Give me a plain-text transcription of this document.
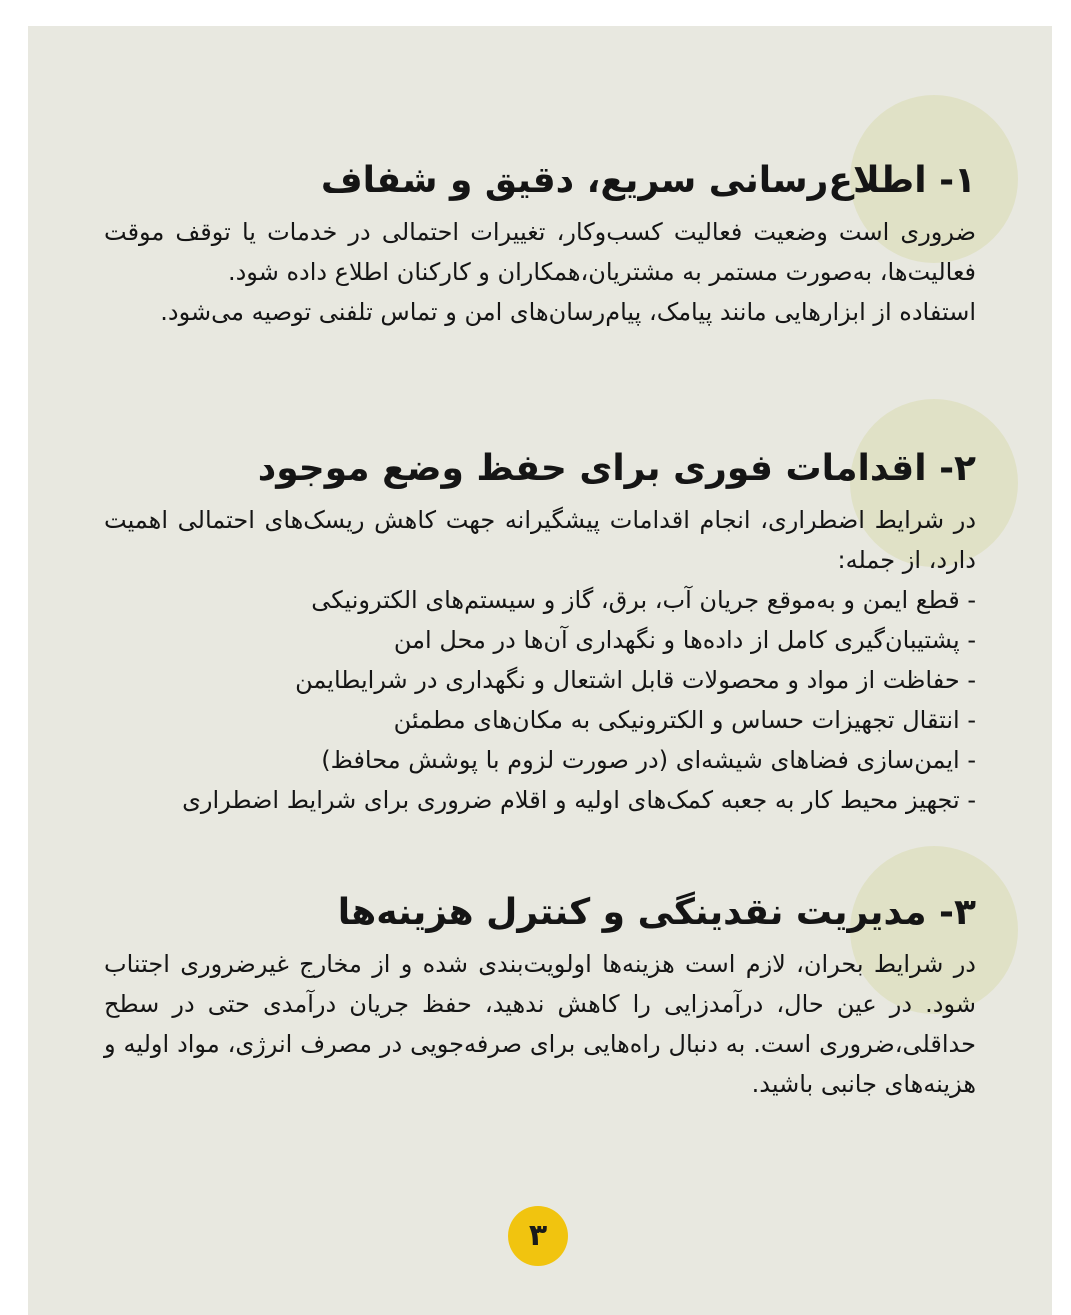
۱- اطلاع‌رسانی سریع، دقیق و شفاف

ضروری است وضعیت فعالیت کسب‌وکار، تغییرات احتمالی در خدمات یا توقف موقت فعالیت‌ها، به‌صورت مستمر به مشتریان،همکاران و کارکنان اطلاع داده شود.

استفاده از ابزارهایی مانند پیامک، پیام‌رسان‌های امن و تماس تلفنی توصیه می‌شود.

۲- اقدامات فوری برای حفظ وضع موجود

در شرایط اضطراری، انجام اقدامات پیشگیرانه جهت کاهش ریسک‌های احتمالی اهمیت دارد، از جمله:

- قطع ایمن و به‌موقع جریان آب، برق، گاز و سیستم‌های الکترونیکی
- پشتیبان‌گیری کامل از داده‌ها و نگهداری آن‌ها در محل امن
- حفاظت از مواد و محصولات قابل اشتعال و نگهداری در شرایطایمن
- انتقال تجهیزات حساس و الکترونیکی به مکان‌های مطمئن
- ایمن‌سازی فضاهای شیشه‌ای (در صورت لزوم با پوشش محافظ)
- تجهیز محیط کار به جعبه کمک‌های اولیه و اقلام ضروری برای شرایط اضطراری
۳- مدیریت نقدینگی و کنترل هزینه‌ها

در شرایط بحران، لازم است هزینه‌ها اولویت‌بندی شده و از مخارج غیرضروری اجتناب شود. در عین حال، درآمدزایی را کاهش ندهید، حفظ جریان درآمدی حتی در سطح حداقلی،ضروری است. به دنبال راه‌هایی برای صرفه‌جویی در مصرف انرژی، مواد اولیه و هزینه‌های جانبی باشید.

۳
